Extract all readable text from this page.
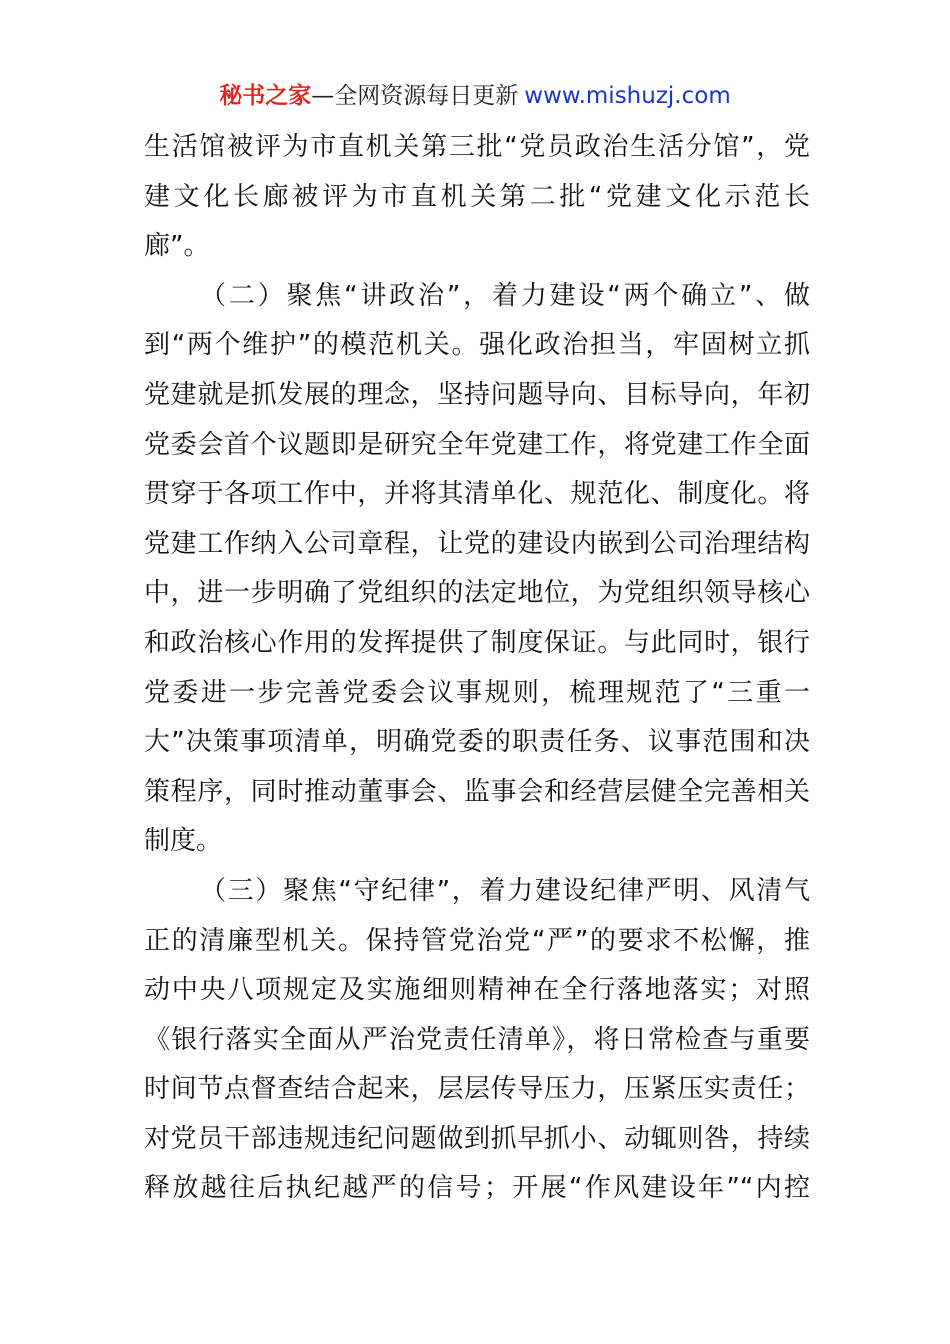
秘书之家—全网资源每日更新 www.mishuzj.com
生活馆被评为市直机关第三批“党员政治生活分馆”，党
建文化长廊被评为市直机关第二批“党建文化示范长
廊”。
（二）聚焦“讲政治”，着力建设“两个确立”、做
到“两个维护”的模范机关。强化政治担当，牢固树立抓
党建就是抓发展的理念，坚持问题导向、目标导向，年初
党委会首个议题即是研究全年党建工作，将党建工作全面
贯穿于各项工作中，并将其清单化、规范化、制度化。将
党建工作纳入公司章程，让党的建设内嵌到公司治理结构
中，进一步明确了党组织的法定地位，为党组织领导核心
和政治核心作用的发挥提供了制度保证。与此同时，银行
党委进一步完善党委会议事规则，梳理规范了“三重一
大”决策事项清单，明确党委的职责任务、议事范围和决
策程序，同时推动董事会、监事会和经营层健全完善相关
制度。
（三）聚焦“守纪律”，着力建设纪律严明、风清气
正的清廉型机关。保持管党治党“严”的要求不松懈，推
动中央八项规定及实施细则精神在全行落地落实；对照
《银行落实全面从严治党责任清单》，将日常检查与重要
时间节点督查结合起来，层层传导压力，压紧压实责任；
对党员干部违规违纪问题做到抓早抓小、动辄则咎，持续
释放越往后执纪越严的信号；开展“作风建设年”“内控
